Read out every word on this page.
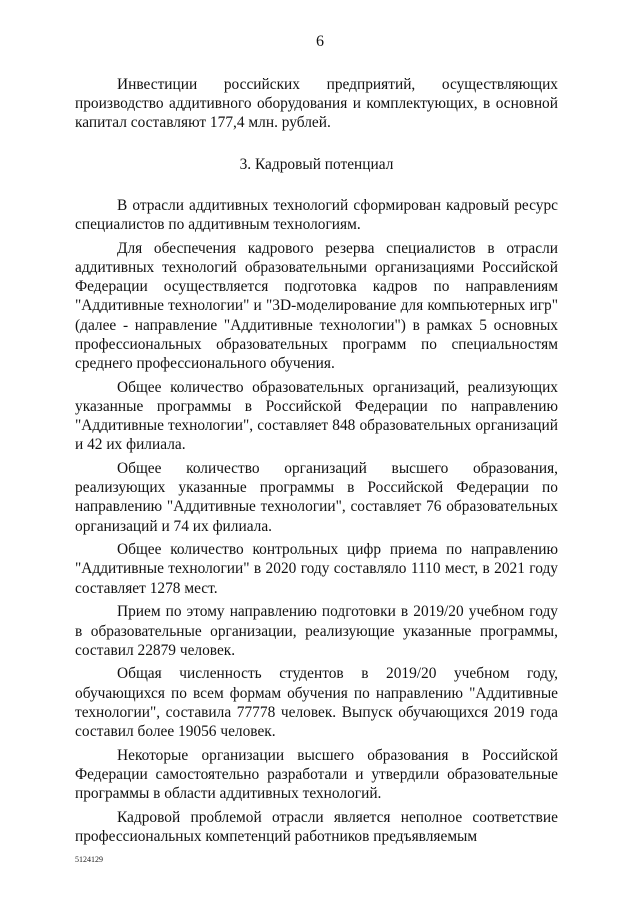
6

Инвестиции российских предприятий, осуществляющих производство аддитивного оборудования и комплектующих, в основной капитал составляют 177,4 млн. рублей.

3. Кадровый потенциал

В отрасли аддитивных технологий сформирован кадровый ресурс специалистов по аддитивным технологиям.

Для обеспечения кадрового резерва специалистов в отрасли аддитивных технологий образовательными организациями Российской Федерации осуществляется подготовка кадров по направлениям "Аддитивные технологии" и "3D-моделирование для компьютерных игр" (далее - направление "Аддитивные технологии") в рамках 5 основных профессиональных образовательных программ по специальностям среднего профессионального обучения.

Общее количество образовательных организаций, реализующих указанные программы в Российской Федерации по направлению "Аддитивные технологии", составляет 848 образовательных организаций и 42 их филиала.

Общее количество организаций высшего образования, реализующих указанные программы в Российской Федерации по направлению "Аддитивные технологии", составляет 76 образовательных организаций и 74 их филиала.

Общее количество контрольных цифр приема по направлению "Аддитивные технологии" в 2020 году составляло 1110 мест, в 2021 году составляет 1278 мест.

Прием по этому направлению подготовки в 2019/20 учебном году в образовательные организации, реализующие указанные программы, составил 22879 человек.

Общая численность студентов в 2019/20 учебном году, обучающихся по всем формам обучения по направлению "Аддитивные технологии", составила 77778 человек. Выпуск обучающихся 2019 года составил более 19056 человек.

Некоторые организации высшего образования в Российской Федерации самостоятельно разработали и утвердили образовательные программы в области аддитивных технологий.

Кадровой проблемой отрасли является неполное соответствие профессиональных компетенций работников предъявляемым

5124129
